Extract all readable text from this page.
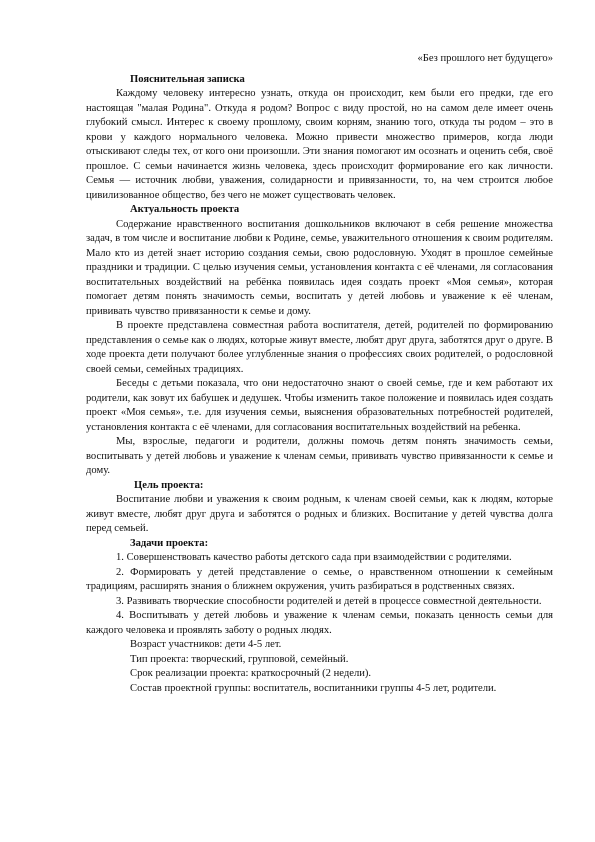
«Без прошлого нет будущего»

Пояснительная записка

Каждому человеку интересно узнать, откуда он происходит, кем были его предки, где его настоящая "малая Родина". Откуда я родом? Вопрос с виду простой, но на самом деле имеет очень глубокий смысл. Интерес к своему прошлому, своим корням, знанию того, откуда ты родом – это в крови у каждого нормального человека. Можно привести множество примеров, когда люди отыскивают следы тех, от кого они произошли. Эти знания помогают им осознать и оценить себя, своё прошлое. С семьи начинается жизнь человека, здесь происходит формирование его как личности. Семья — источник любви, уважения, солидарности и привязанности, то, на чем строится любое цивилизованное общество, без чего не может существовать человек.

Актуальность проекта

Содержание нравственного воспитания дошкольников включают в себя решение множества задач, в том числе и воспитание любви к Родине, семье, уважительного отношения к своим родителям. Мало кто из детей знает историю создания семьи, свою родословную. Уходят в прошлое семейные праздники и традиции. С целью изучения семьи, установления контакта с её членами, ля согласования воспитательных воздействий на ребёнка появилась идея создать проект «Моя семья», которая помогает детям понять значимость семьи, воспитать у детей любовь и уважение к её членам, прививать чувство привязанности к семье и дому.

В проекте представлена совместная работа воспитателя, детей, родителей по формированию представления о семье как о людях, которые живут вместе, любят друг друга, заботятся друг о друге. В ходе проекта дети получают более углубленные знания о профессиях своих родителей, о родословной своей семьи, семейных традициях.

Беседы с детьми показала, что они недостаточно знают о своей семье, где и кем работают их родители, как зовут их бабушек и дедушек. Чтобы изменить такое положение и появилась идея создать проект «Моя семья», т.е. для изучения семьи, выяснения образовательных потребностей родителей, установления контакта с её членами, для согласования воспитательных воздействий на ребенка.

Мы, взрослые, педагоги и родители, должны помочь детям понять значимость семьи, воспитывать у детей любовь и уважение к членам семьи, прививать чувство привязанности к семье и дому.

Цель проекта:

Воспитание любви и уважения к своим родным, к членам своей семьи, как к людям, которые живут вместе, любят друг друга и заботятся о родных и близких. Воспитание у детей чувства долга перед семьей.

Задачи проекта:

1. Совершенствовать качество работы детского сада при взаимодействии с родителями.

2. Формировать у детей представление о семье, о нравственном отношении к семейным традициям, расширять знания о ближнем окружения, учить разбираться в родственных связях.

3. Развивать творческие способности родителей и детей в процессе совместной деятельности.

4. Воспитывать у детей любовь и уважение к членам семьи, показать ценность семьи для каждого человека и проявлять заботу о родных людях.

Возраст участников: дети 4-5 лет.

Тип проекта: творческий, групповой, семейный.

Срок реализации проекта: краткосрочный (2 недели).

Состав проектной группы: воспитатель, воспитанники группы 4-5 лет, родители.
